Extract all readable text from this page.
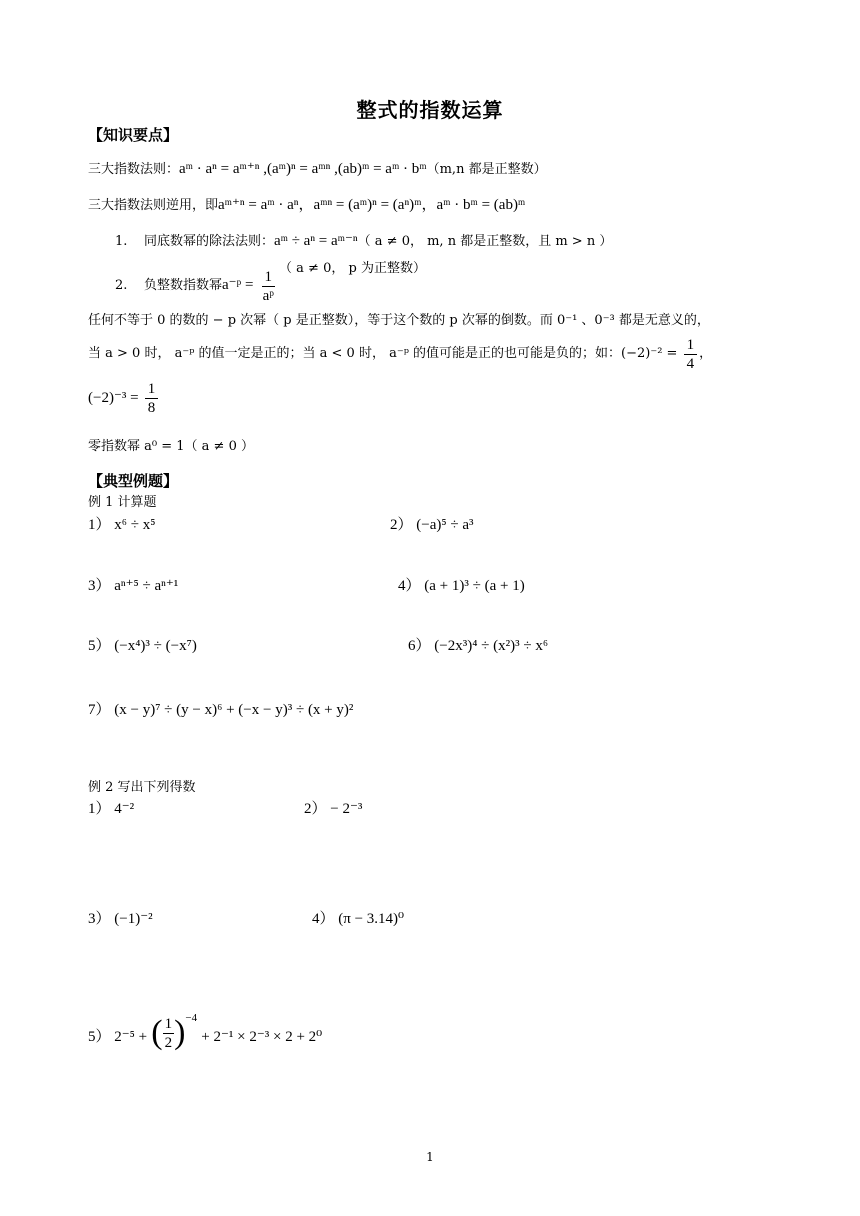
整式的指数运算
【知识要点】
三大指数法则：aᵐ · aⁿ = aᵐ⁺ⁿ ,(aᵐ)ⁿ = aᵐⁿ ,(ab)ᵐ = aᵐ · bᵐ（m,n 都是正整数）
三大指数法则逆用，即aᵐ⁺ⁿ = aᵐ · aⁿ，aᵐⁿ = (aᵐ)ⁿ = (aⁿ)ᵐ，aᵐ · bᵐ = (ab)ᵐ
1. 同底数幂的除法法则：aᵐ ÷ aⁿ = aᵐ⁻ⁿ（ a ≠ 0， m, n 都是正整数，且 m > n ）
2. 负整数指数幂a⁻ᵖ = $\frac{1}{\text{aᵖ}}$ （ a ≠ 0， p 为正整数）
任何不等于 0 的数的 − p 次幂（ p 是正整数），等于这个数的 p 次幂的倒数。而 0⁻¹ 、0⁻³ 都是无意义的，
当 a > 0 时， a⁻ᵖ 的值一定是正的；当 a < 0 时， a⁻ᵖ 的值可能是正的也可能是负的；如：$(-2)^{-2} = \frac{1}{4}$ ，
$(-2)^{-3} = \frac{1}{8}$
零指数幂 a⁰ = 1（ a ≠ 0 ）
【典型例题】
例 1 计算题
1） x⁶ ÷ x⁵	2） (−a)⁵ ÷ a³
3） aⁿ⁺⁵ ÷ aⁿ⁺¹	4） (a + 1)³ ÷ (a + 1)
5） (−x⁴)³ ÷ (−x⁷)	6） (−2x³)⁴ ÷ (x²)³ ÷ x⁶
7） (x − y)⁷ ÷ (y − x)⁶ + (−x − y)³ ÷ (x + y)²
例 2 写出下列得数
1） 4⁻²	2） − 2⁻³
3） (−1)⁻²	4） (π − 3.14)⁰
5） 2⁻⁵ + ( $\frac{1}{2} )^{-4} + 2^{-1} \times 2^{-3} \times 2 + 2^0$
1
